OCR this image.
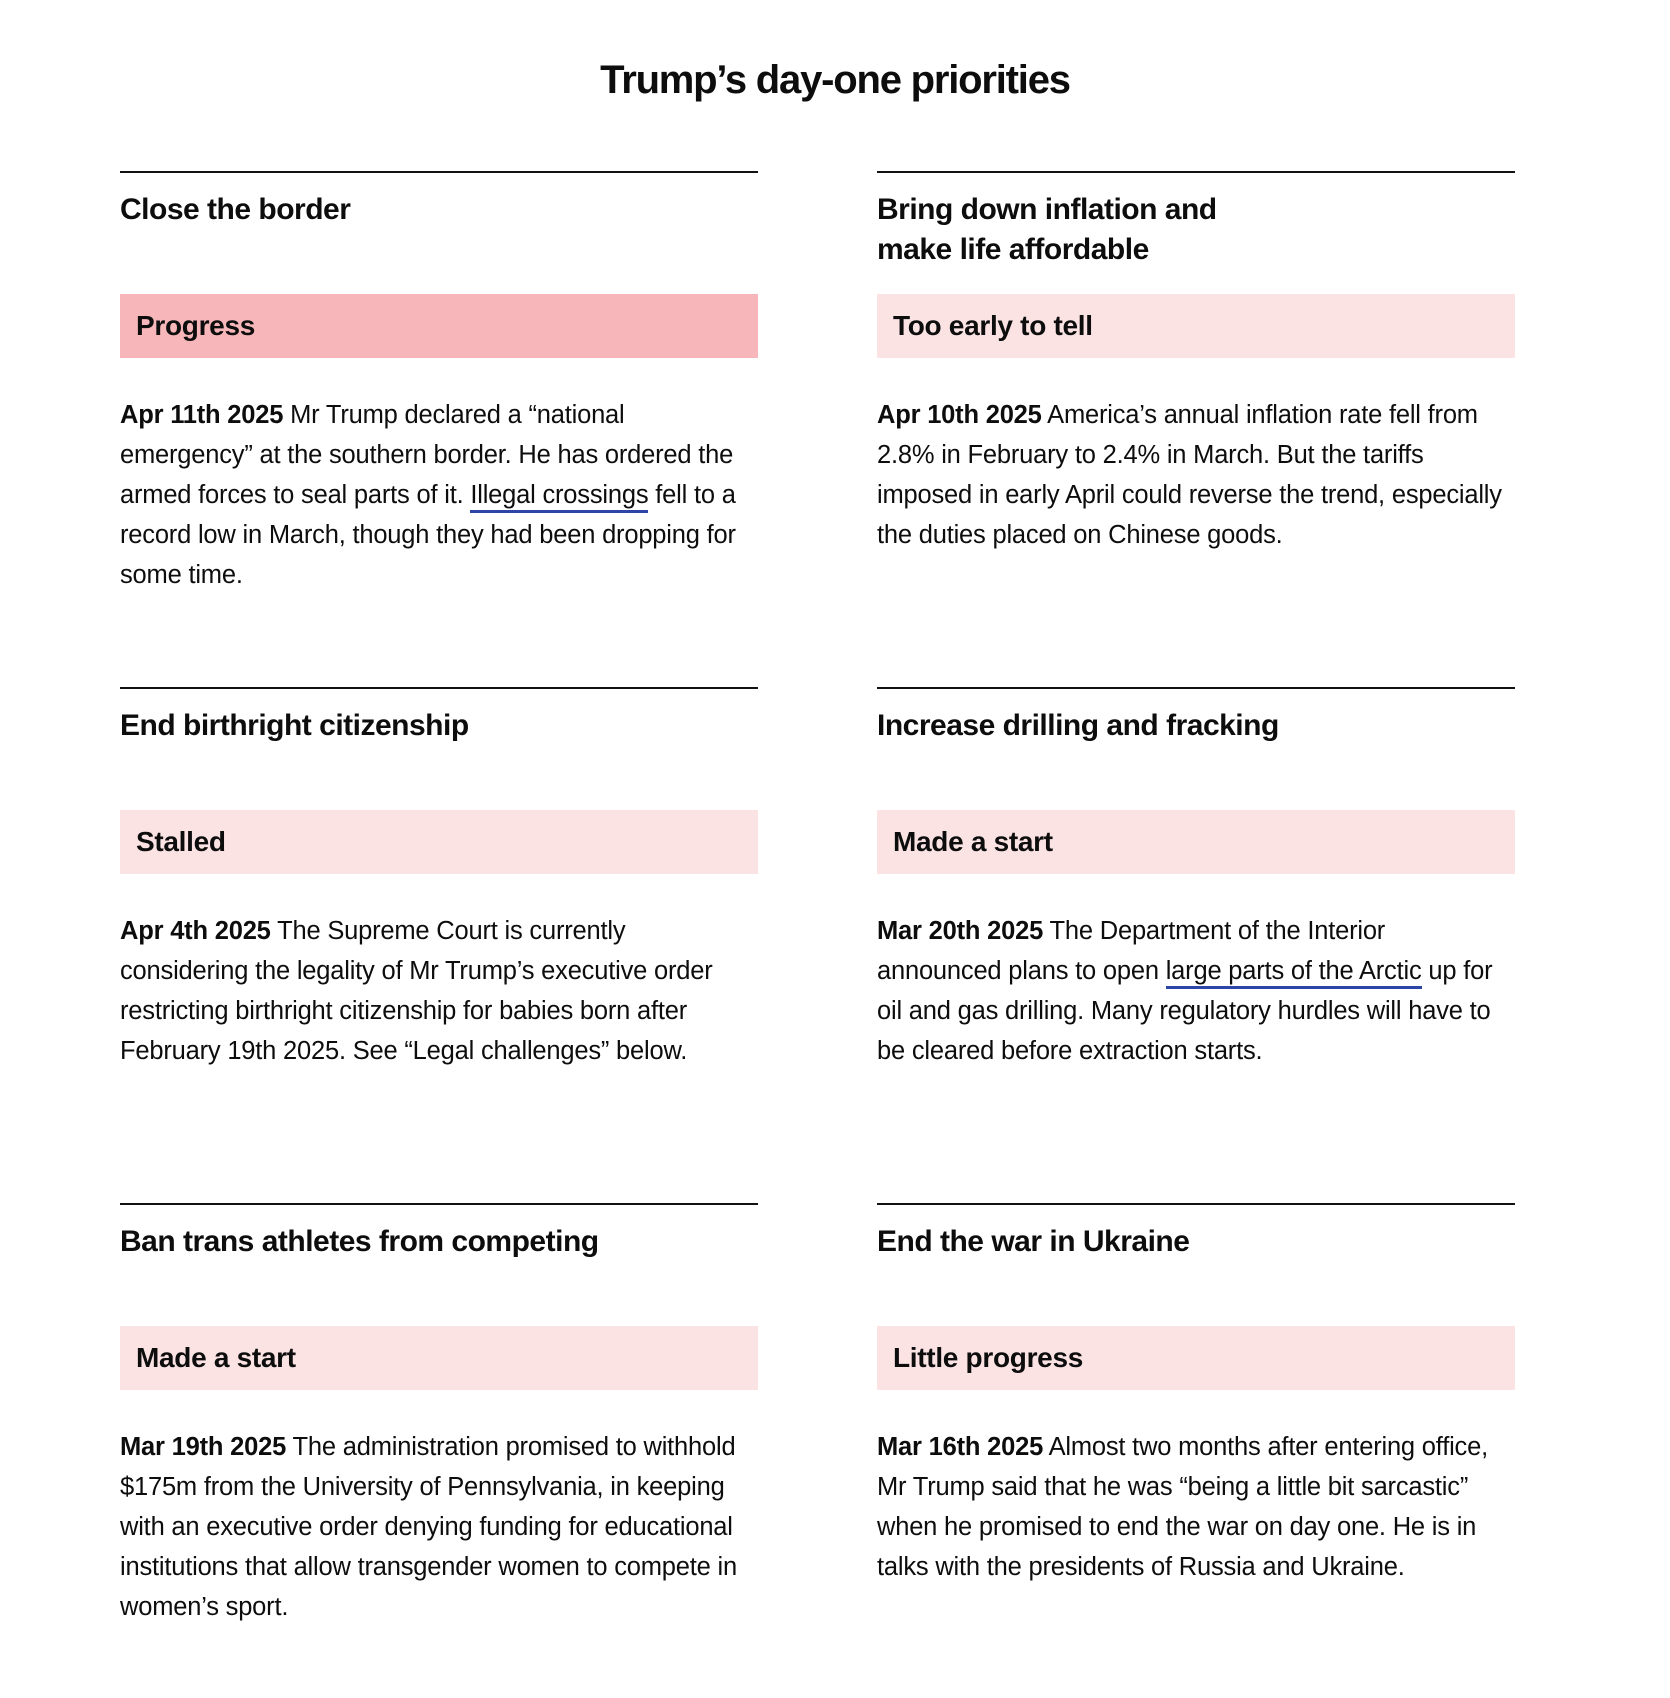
Trump’s day-one priorities
Close the border
Progress

Apr 11th 2025 Mr Trump declared a “national emergency” at the southern border. He has ordered the armed forces to seal parts of it. Illegal crossings fell to a record low in March, though they had been dropping for some time.

Bring down inflation and make life affordable
Too early to tell

Apr 10th 2025 America’s annual inflation rate fell from 2.8% in February to 2.4% in March. But the tariffs imposed in early April could reverse the trend, especially the duties placed on Chinese goods.

End birthright citizenship
Stalled

Apr 4th 2025 The Supreme Court is currently considering the legality of Mr Trump’s executive order restricting birthright citizenship for babies born after February 19th 2025. See “Legal challenges” below.

Increase drilling and fracking
Made a start

Mar 20th 2025 The Department of the Interior announced plans to open large parts of the Arctic up for oil and gas drilling. Many regulatory hurdles will have to be cleared before extraction starts.

Ban trans athletes from competing
Made a start

Mar 19th 2025 The administration promised to withhold $175m from the University of Pennsylvania, in keeping with an executive order denying funding for educational institutions that allow transgender women to compete in women’s sport.

End the war in Ukraine
Little progress

Mar 16th 2025 Almost two months after entering office, Mr Trump said that he was “being a little bit sarcastic” when he promised to end the war on day one. He is in talks with the presidents of Russia and Ukraine.
